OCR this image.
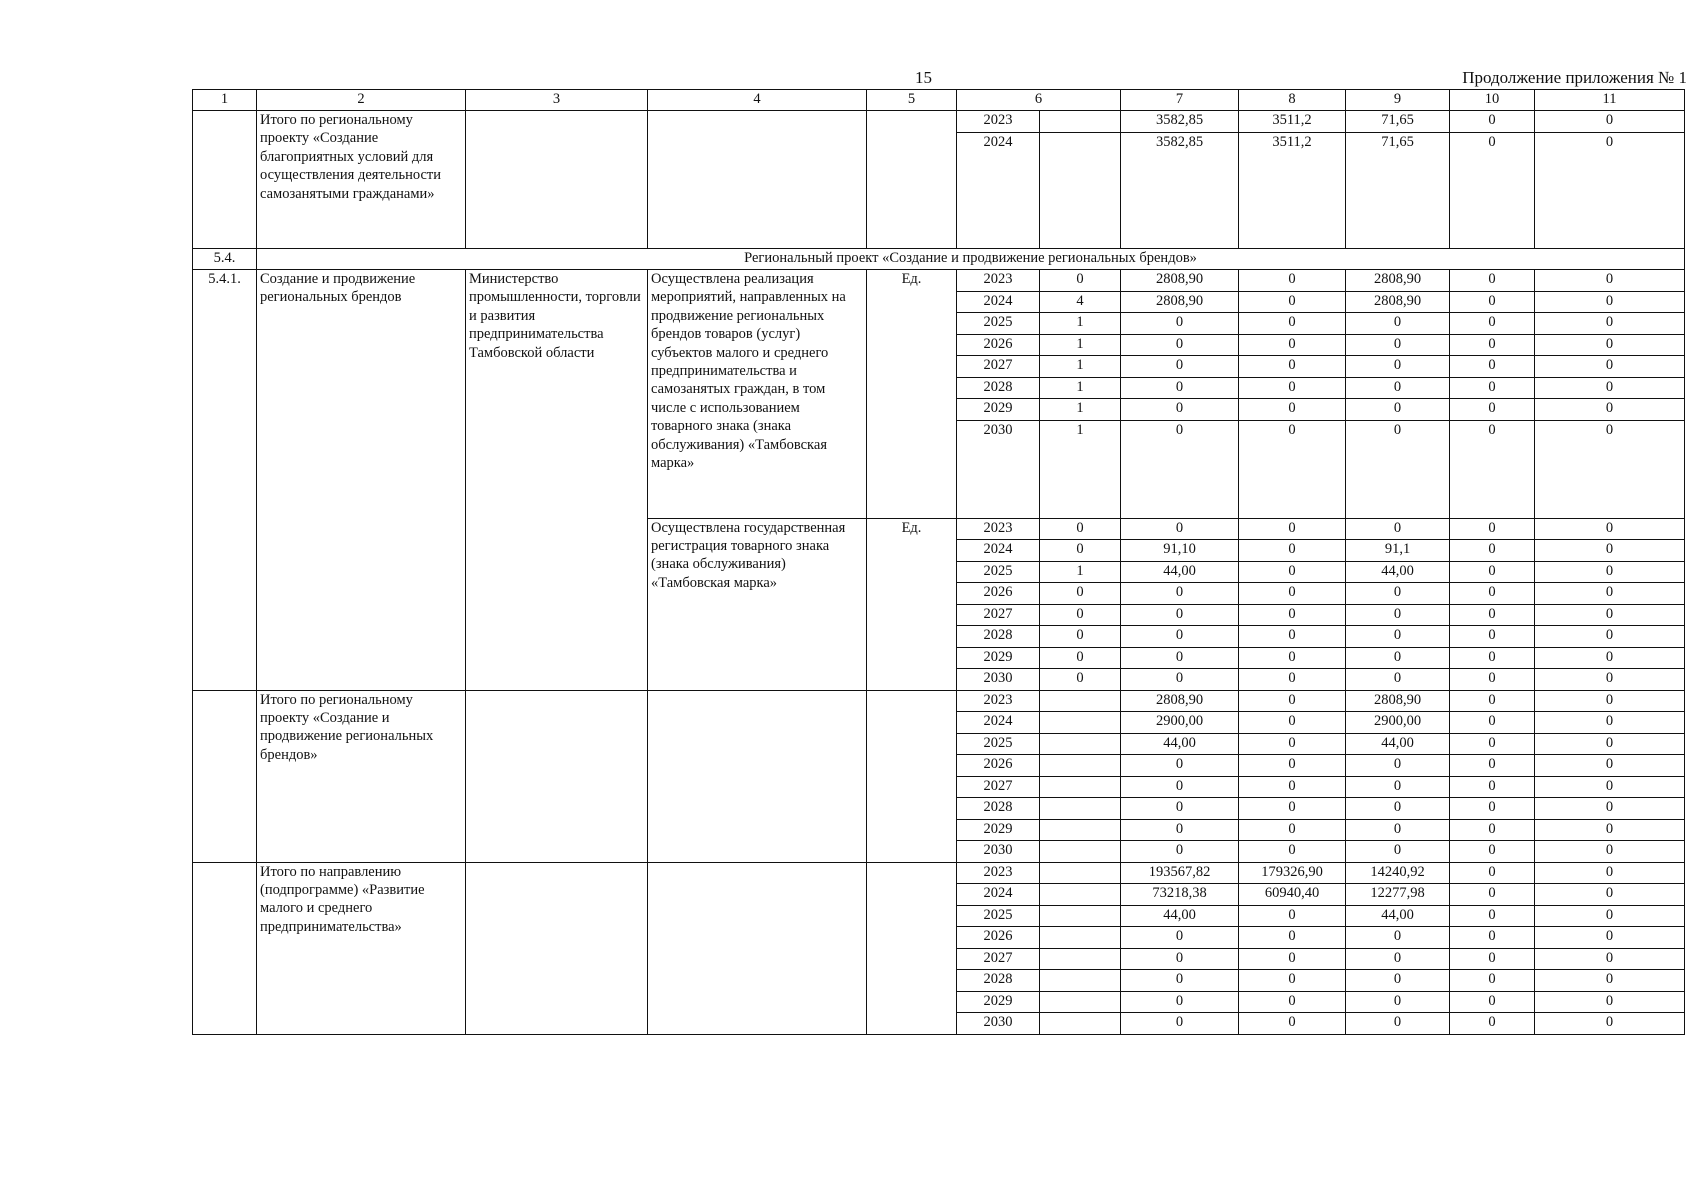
15	Продолжение приложения № 1
1	2	3	4	5	6		7	8	9	10	11
	Итого по региональному проекту «Создание благоприятных условий для осуществления деятельности самозанятыми гражданами»				2023		3582,85	3511,2	71,65	0	0
					2024		3582,85	3511,2	71,65	0	0
5.4.	Региональный проект «Создание и продвижение региональных брендов»										
5.4.1.	Создание и продвижение региональных брендов	Министерство промышленности, торговли и развития предпринимательства Тамбовской области	Осуществлена реализация мероприятий, направленных на продвижение региональных брендов товаров (услуг) субъектов малого и среднего предпринимательства и самозанятых граждан, в том числе с использованием товарного знака (знака обслуживания) «Тамбовская марка»	Ед.	2023	0	2808,90	0	2808,90	0	0
					2024	4	2808,90	0	2808,90	0	0
					2025	1	0	0	0	0	0
					2026	1	0	0	0	0	0
					2027	1	0	0	0	0	0
					2028	1	0	0	0	0	0
					2029	1	0	0	0	0	0
					2030	1	0	0	0	0	0
			Осуществлена государственная регистрация товарного знака (знака обслуживания) «Тамбовская марка»	Ед.	2023	0	0	0	0	0	0
					2024	0	91,10	0	91,1	0	0
					2025	1	44,00	0	44,00	0	0
					2026	0	0	0	0	0	0
					2027	0	0	0	0	0	0
					2028	0	0	0	0	0	0
					2029	0	0	0	0	0	0
					2030	0	0	0	0	0	0
	Итого по региональному проекту «Создание и продвижение региональных брендов»				2023		2808,90	0	2808,90	0	0
					2024		2900,00	0	2900,00	0	0
					2025		44,00	0	44,00	0	0
					2026		0	0	0	0	0
					2027		0	0	0	0	0
					2028		0	0	0	0	0
					2029		0	0	0	0	0
					2030		0	0	0	0	0
	Итого по направлению (подпрограмме) «Развитие малого и среднего предпринимательства»				2023		193567,82	179326,90	14240,92	0	0
					2024		73218,38	60940,40	12277,98	0	0
					2025		44,00	0	44,00	0	0
					2026		0	0	0	0	0
					2027		0	0	0	0	0
					2028		0	0	0	0	0
					2029		0	0	0	0	0
					2030		0	0	0	0	0
